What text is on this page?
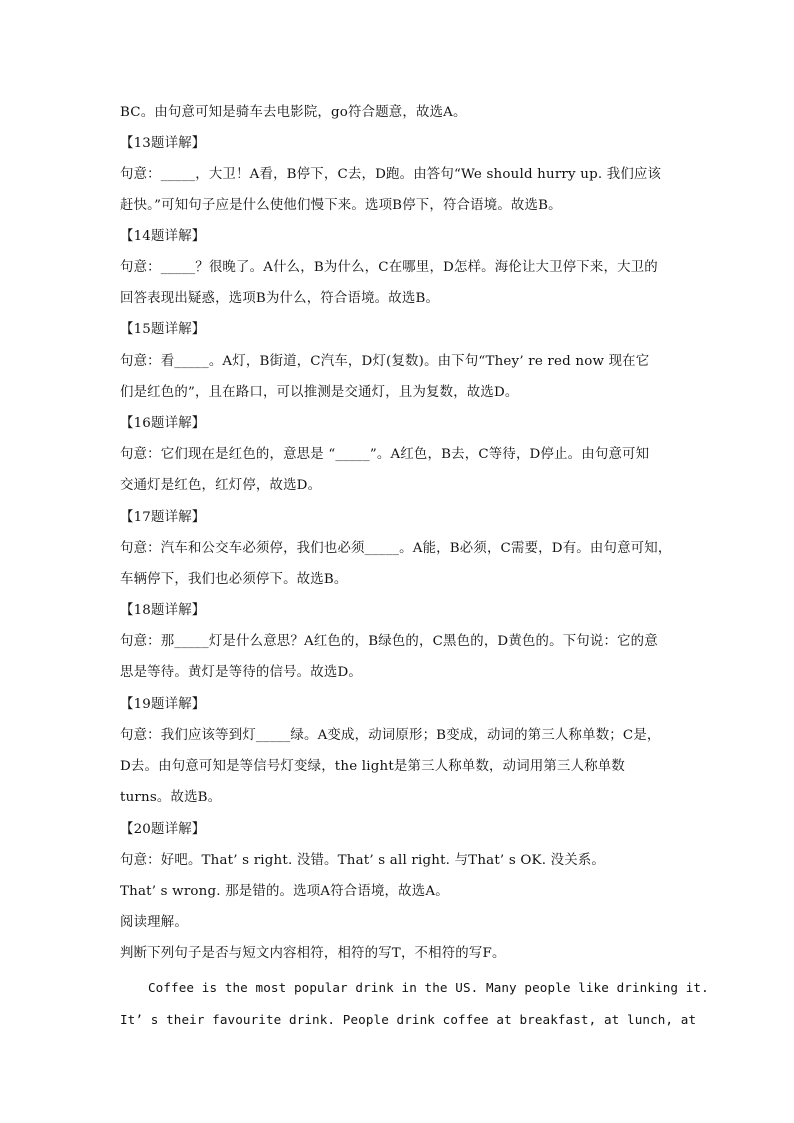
BC。由句意可知是骑车去电影院，go符合题意，故选A。
【13题详解】
句意：_____，大卫！A看，B停下，C去，D跑。由答句“We should hurry up. 我们应该
赶快。”可知句子应是什么使他们慢下来。选项B停下，符合语境。故选B。
【14题详解】
句意：_____？很晚了。A什么，B为什么，C在哪里，D怎样。海伦让大卫停下来，大卫的
回答表现出疑惑，选项B为什么，符合语境。故选B。
【15题详解】
句意：看_____。A灯，B街道，C汽车，D灯(复数)。由下句“They’ re red now 现在它
们是红色的”，且在路口，可以推测是交通灯，且为复数，故选D。
【16题详解】
句意：它们现在是红色的，意思是 “_____”。A红色，B去，C等待，D停止。由句意可知
交通灯是红色，红灯停，故选D。
【17题详解】
句意：汽车和公交车必须停，我们也必须_____。A能，B必须，C需要，D有。由句意可知，
车辆停下，我们也必须停下。故选B。
【18题详解】
句意：那_____灯是什么意思？A红色的，B绿色的，C黑色的，D黄色的。下句说：它的意
思是等待。黄灯是等待的信号。故选D。
【19题详解】
句意：我们应该等到灯_____绿。A变成，动词原形；B变成，动词的第三人称单数；C是，
D去。由句意可知是等信号灯变绿，the light是第三人称单数，动词用第三人称单数
turns。故选B。
【20题详解】
句意：好吧。That’ s right. 没错。That’ s all right. 与That’ s OK. 没关系。
That’ s wrong. 那是错的。选项A符合语境，故选A。
阅读理解。
判断下列句子是否与短文内容相符，相符的写T，不相符的写F。
Coffee is the most popular drink in the US. Many people like drinking it.
It’ s their favourite drink. People drink coffee at breakfast, at lunch, at
